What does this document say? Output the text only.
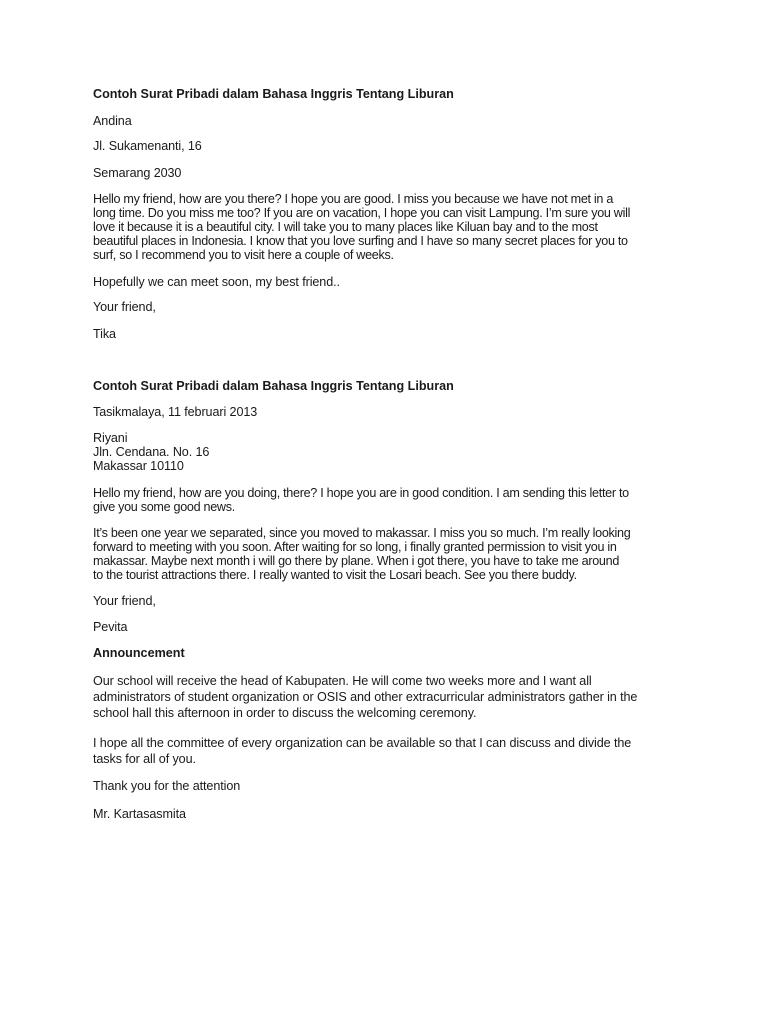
Contoh Surat Pribadi dalam Bahasa Inggris Tentang Liburan

Andina

Jl. Sukamenanti, 16

Semarang 2030

Hello my friend, how are you there? I hope you are good. I miss you because we have not met in a
long time. Do you miss me too? If you are on vacation, I hope you can visit Lampung. I’m sure you will
love it because it is a beautiful city. I will take you to many places like Kiluan bay and to the most
beautiful places in Indonesia. I know that you love surfing and I have so many secret places for you to
surf, so I recommend you to visit here a couple of weeks.

Hopefully we can meet soon, my best friend..

Your friend,

Tika

Contoh Surat Pribadi dalam Bahasa Inggris Tentang Liburan

Tasikmalaya, 11 februari 2013

Riyani
Jln. Cendana. No. 16
Makassar 10110

Hello my friend, how are you doing, there? I hope you are in good condition. I am sending this letter to
give you some good news.

It’s been one year we separated, since you moved to makassar. I miss you so much. I’m really looking
forward to meeting with you soon. After waiting for so long, i finally granted permission to visit you in
makassar. Maybe next month i will go there by plane. When i got there, you have to take me around
to the tourist attractions there. I really wanted to visit the Losari beach. See you there buddy.

Your friend,

Pevita

Announcement

Our school will receive the head of Kabupaten. He will come two weeks more and I want all
administrators of student organization or OSIS and other extracurricular administrators gather in the
school hall this afternoon in order to discuss the welcoming ceremony.

I hope all the committee of every organization can be available so that I can discuss and divide the
tasks for all of you.

Thank you for the attention

Mr. Kartasasmita
